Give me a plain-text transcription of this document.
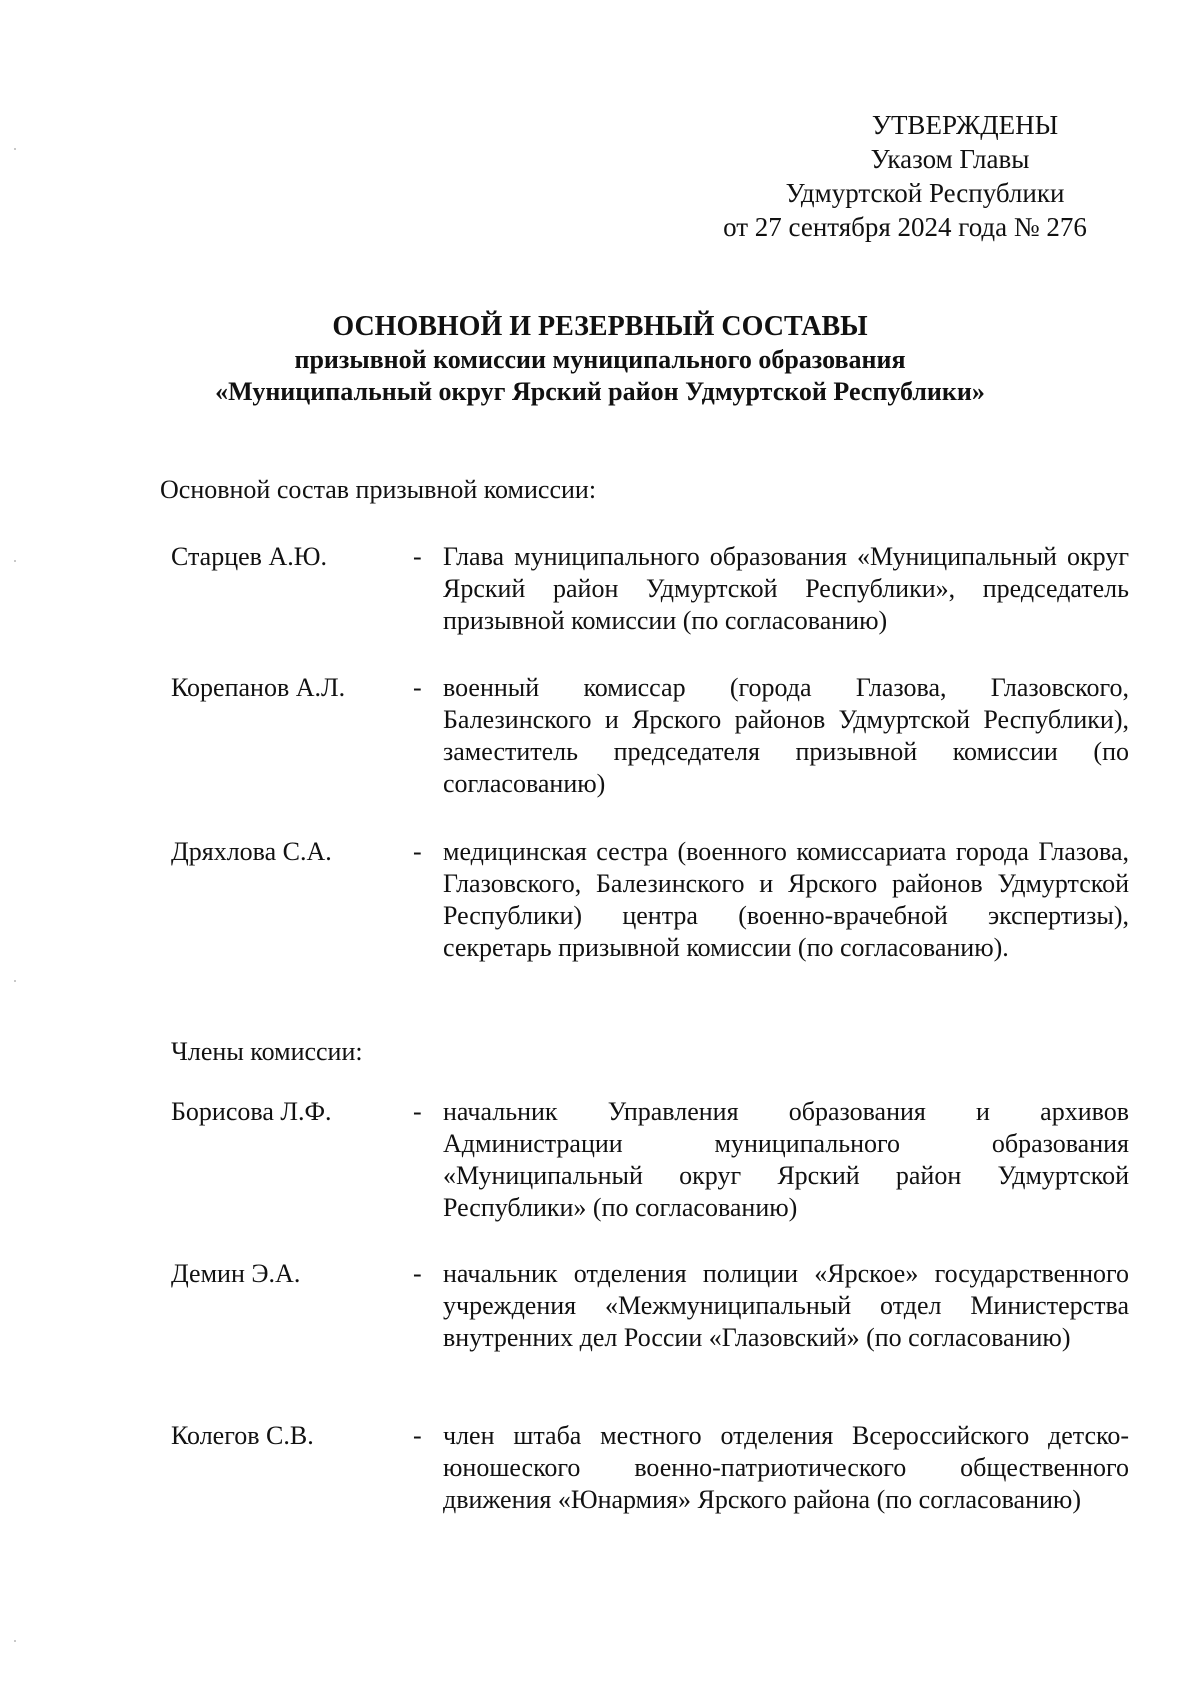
УТВЕРЖДЕНЫ
Указом Главы
Удмуртской Республики
от 27 сентября 2024 года № 276
ОСНОВНОЙ И РЕЗЕРВНЫЙ СОСТАВЫ
призывной комиссии муниципального образования
«Муниципальный округ Ярский район Удмуртской Республики»
Основной состав призывной комиссии:
Старцев А.Ю.	- Глава муниципального образования «Муниципальный округ Ярский район Удмуртской Республики», председатель призывной комиссии (по согласованию)
Корепанов А.Л.	- военный комиссар (города Глазова, Глазовского, Балезинского и Ярского районов Удмуртской Республики), заместитель председателя призывной комиссии (по согласованию)
Дряхлова С.А.	- медицинская сестра (военного комиссариата города Глазова, Глазовского, Балезинского и Ярского районов Удмуртской Республики) центра (военно-врачебной экспертизы), секретарь призывной комиссии (по согласованию).
Члены комиссии:
Борисова Л.Ф.	- начальник Управления образования и архивов Администрации муниципального образования «Муниципальный округ Ярский район Удмуртской Республики» (по согласованию)
Демин Э.А.	- начальник отделения полиции «Ярское» государственного учреждения «Межмуниципальный отдел Министерства внутренних дел России «Глазовский» (по согласованию)
Колегов С.В.	- член штаба местного отделения Всероссийского детско-юношеского военно-патриотического общественного движения «Юнармия» Ярского района (по согласованию)
